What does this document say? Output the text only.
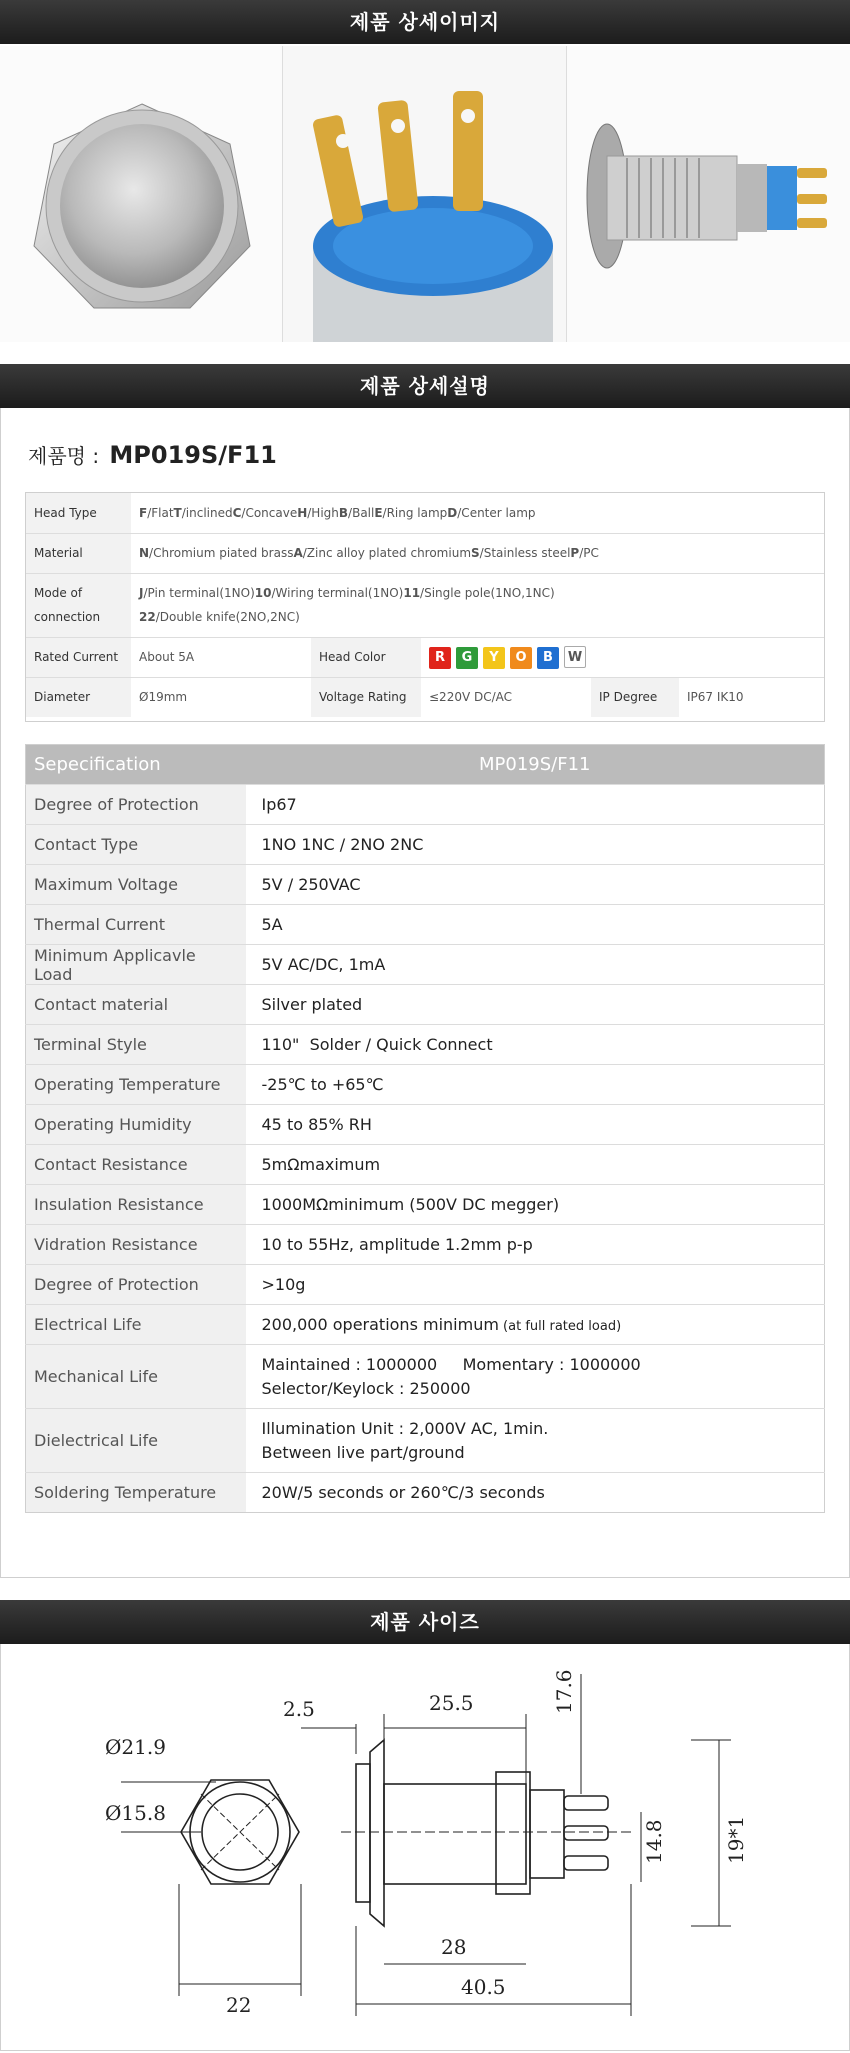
제품 상세이미지
제품 상세설명
제품명 : MP019S/F11
Head Type	F/FlatT/inclinedC/ConcaveH/HighB/BallE/Ring lampD/Center lamp				
Material	N/Chromium piated brassA/Zinc alloy plated chromiumS/Stainless steelP/PC				
Mode of connection	J/Pin terminal(1NO)10/Wiring terminal(1NO)11/Single pole(1NO,1NC)
22/Double knife(2NO,2NC)				
Rated Current	About 5A	Head Color	R G Y O B W		
Diameter	Ø19mm	Voltage Rating	≤220V DC/AC	IP Degree	IP67 IK10
Sepecification	MP019S/F11
Degree of Protection	Ip67
Contact Type	1NO 1NC / 2NO 2NC
Maximum Voltage	5V / 250VAC
Thermal Current	5A
Minimum Applicavle Load	5V AC/DC, 1mA
Contact material	Silver plated
Terminal Style	110"  Solder / Quick Connect
Operating Temperature	-25℃ to +65℃
Operating Humidity	45 to 85% RH
Contact Resistance	5mΩmaximum
Insulation Resistance	1000MΩminimum (500V DC megger)
Vidration Resistance	10 to 55Hz, amplitude 1.2mm p-p
Degree of Protection	>10g
Electrical Life	200,000 operations minimum (at full rated load)
Mechanical Life	Maintained : 1000000     Momentary : 1000000
Selector/Keylock : 250000

Dielectrical Life	Illumination Unit : 2,000V AC, 1min.
Between live part/ground

Soldering Temperature	20W/5 seconds or 260℃/3 seconds
제품 사이즈
Ø21.9
Ø15.8
22
2.5	25.5
28
40.5
17.6
14.8	19*1
